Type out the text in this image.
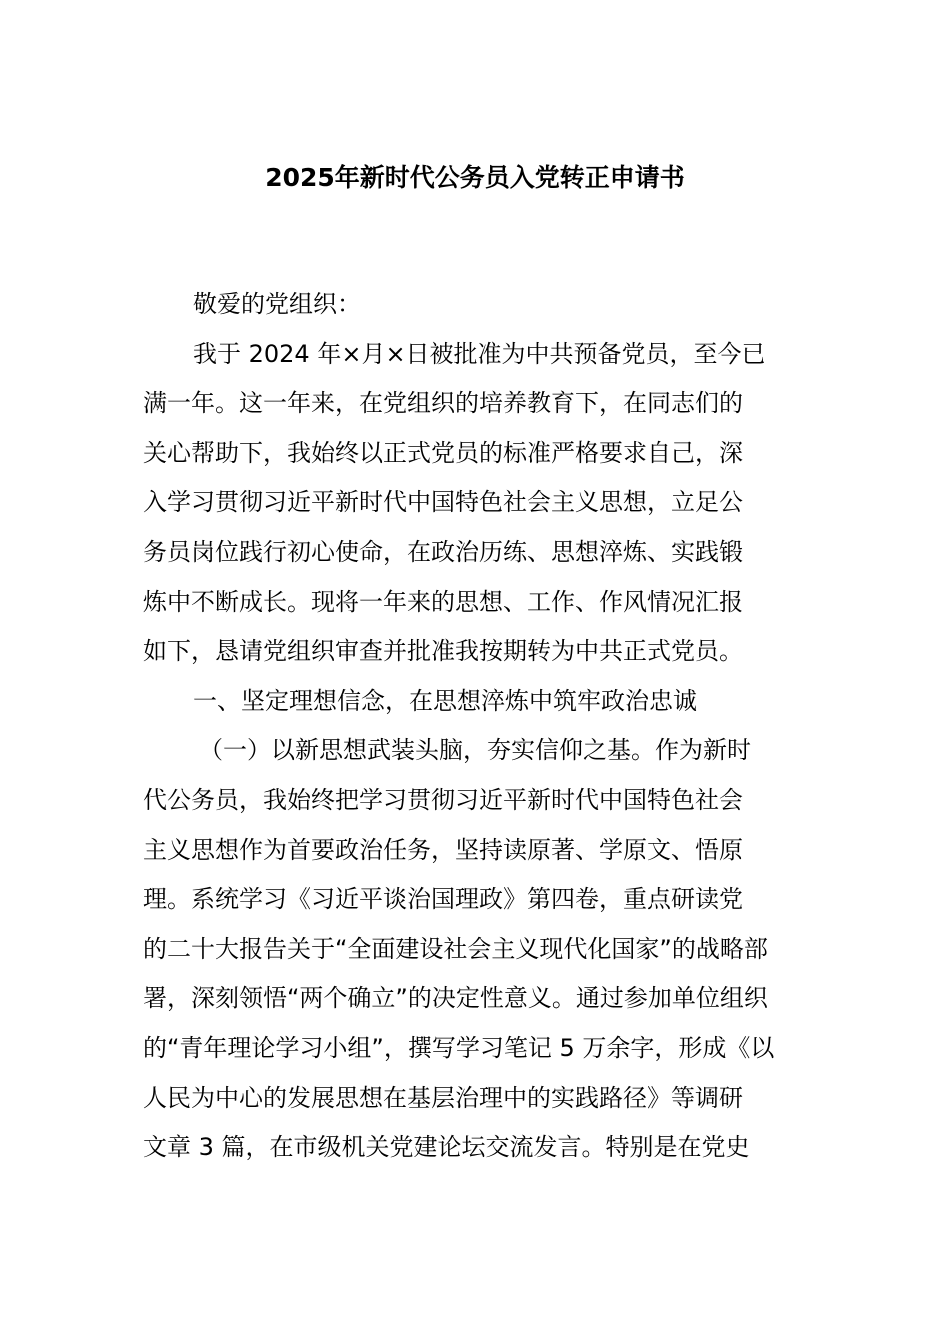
2025年新时代公务员入党转正申请书
敬爱的党组织：
我于 2024 年×月×日被批准为中共预备党员，至今已
满一年。这一年来，在党组织的培养教育下，在同志们的
关心帮助下，我始终以正式党员的标准严格要求自己，深
入学习贯彻习近平新时代中国特色社会主义思想，立足公
务员岗位践行初心使命，在政治历练、思想淬炼、实践锻
炼中不断成长。现将一年来的思想、工作、作风情况汇报
如下，恳请党组织审查并批准我按期转为中共正式党员。
一、坚定理想信念，在思想淬炼中筑牢政治忠诚
（一）以新思想武装头脑，夯实信仰之基。作为新时
代公务员，我始终把学习贯彻习近平新时代中国特色社会
主义思想作为首要政治任务，坚持读原著、学原文、悟原
理。系统学习《习近平谈治国理政》第四卷，重点研读党
的二十大报告关于“全面建设社会主义现代化国家”的战略部
署，深刻领悟“两个确立”的决定性意义。通过参加单位组织
的“青年理论学习小组”，撰写学习笔记 5 万余字，形成《以
人民为中心的发展思想在基层治理中的实践路径》等调研
文章 3 篇，在市级机关党建论坛交流发言。特别是在党史
